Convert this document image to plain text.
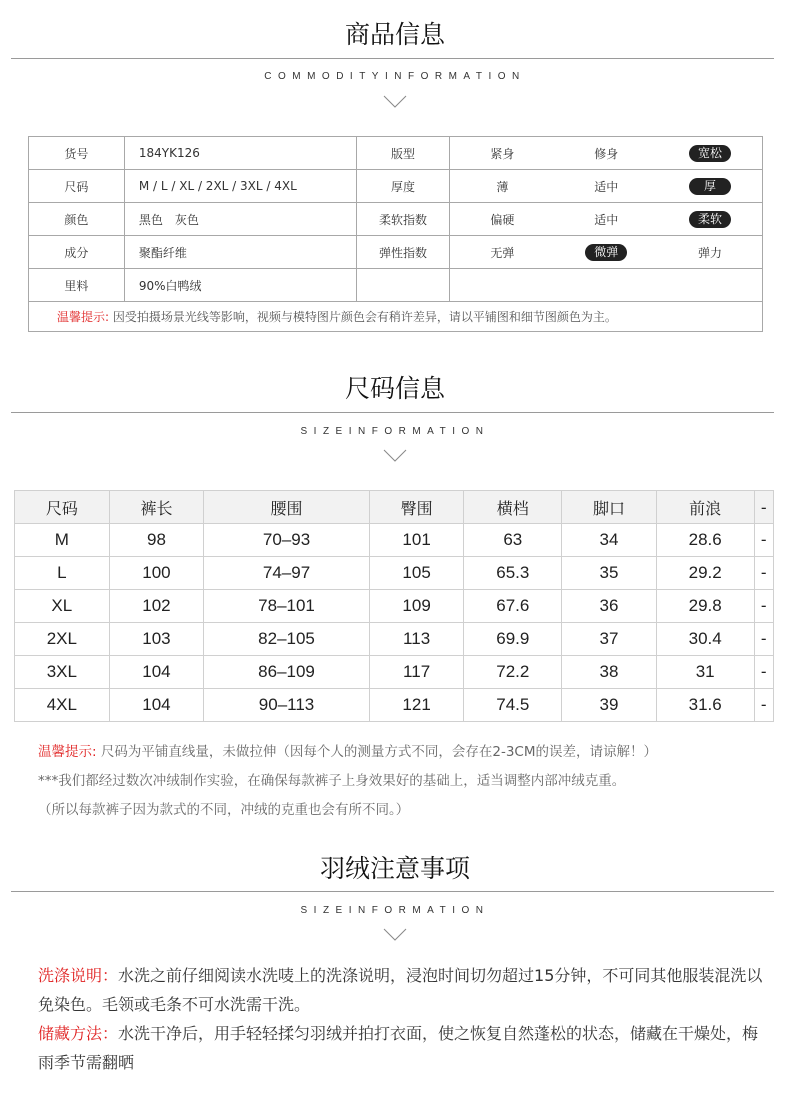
商品信息
COMMODITYINFORMATION
货号	184YK126	版型	紧身 修身 宽松

尺码	M / L / XL / 2XL / 3XL / 4XL	厚度	薄 适中 厚

颜色	黑色　灰色	柔软指数	偏硬 适中 柔软

成分	聚酯纤维	弹性指数	无弹 微弹 弹力

里料	90%白鸭绒		

温馨提示: 因受拍摄场景光线等影响，视频与模特图片颜色会有稍许差异，请以平铺图和细节图颜色为主。			
尺码信息
SIZEINFORMATION
尺码	裤长	腰围	臀围	横档	脚口	前浪	-
M	98	70–93	101	63	34	28.6	-
L	100	74–97	105	65.3	35	29.2	-
XL	102	78–101	109	67.6	36	29.8	-
2XL	103	82–105	113	69.9	37	30.4	-
3XL	104	86–109	117	72.2	38	31	-
4XL	104	90–113	121	74.5	39	31.6	-
温馨提示: 尺码为平铺直线量，未做拉伸（因每个人的测量方式不同，会存在2-3CM的误差，请谅解！）
***我们都经过数次冲绒制作实验，在确保每款裤子上身效果好的基础上，适当调整内部冲绒克重。
（所以每款裤子因为款式的不同，冲绒的克重也会有所不同。）
羽绒注意事项
SIZEINFORMATION
洗涤说明：水洗之前仔细阅读水洗唛上的洗涤说明，浸泡时间切勿超过15分钟，不可同其他服装混洗以免染色。毛领或毛条不可水洗需干洗。
储藏方法：水洗干净后，用手轻轻揉匀羽绒并拍打衣面，使之恢复自然蓬松的状态，储藏在干燥处，梅雨季节需翻晒
